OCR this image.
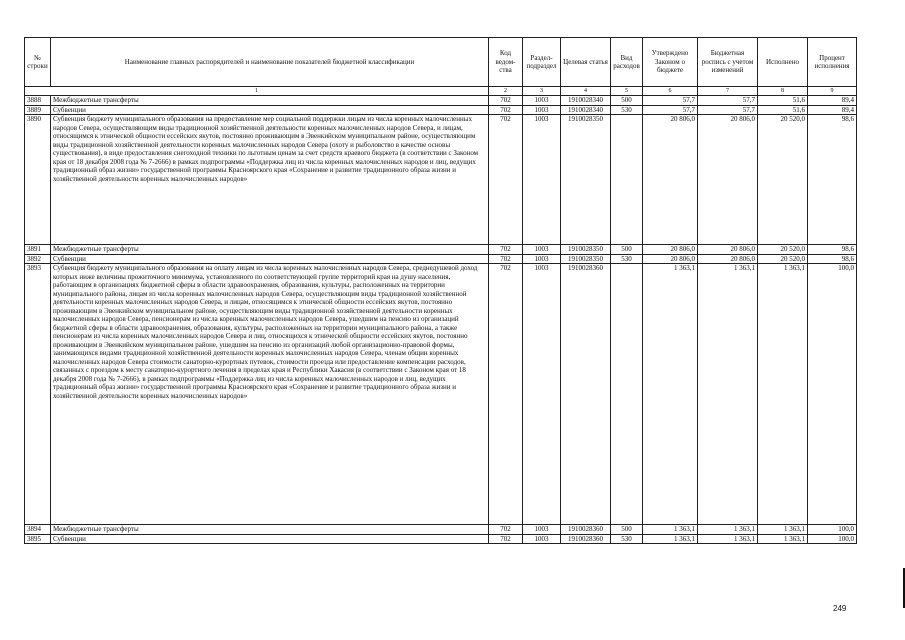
№ строки	Наименование главных распорядителей и наименование показателей бюджетной классификации	Код ведом-ства	Раздел-подраздел	Целевая статья	Вид расходов	Утверждено Законом о бюджете	Бюджетная роспись с учетом изменений	Исполнено	Процент исполнения
1		2	3	4	5	6	7	8	9
3888	Межбюджетные трансферты	702	1003	1910028340	500	57,7	57,7	51,6	89,4
3889	Субвенции	702	1003	1910028340	530	57,7	57,7	51,6	89,4
3890	Субвенция бюджету муниципального образования на предоставление мер социальной поддержки лицам из числа коренных малочисленных народов Севера, осуществляющим виды традиционной хозяйственной деятельности коренных малочисленных народов Севера, и лицам, относящимся к этнической общности ессейских якутов, постоянно проживающим в Эвенкийском муниципальном районе, осуществляющим виды традиционной хозяйственной деятельности коренных малочисленных народов Севера (охоту и рыболовство в качестве основы существования), в виде предоставления снегоходной техники по льготным ценам за счет средств краевого бюджета (в соответствии с Законом края от 18 декабря 2008 года № 7-2666) в рамках подпрограммы «Поддержка лиц из числа коренных малочисленных народов и лиц, ведущих традиционный образ жизни» государственной программы Красноярского края «Сохранение и развитие традиционного образа жизни и хозяйственной деятельности коренных малочисленных народов»	702	1003	1910028350		20 806,0	20 806,0	20 520,0	98,6
3891	Межбюджетные трансферты	702	1003	1910028350	500	20 806,0	20 806,0	20 520,0	98,6
3892	Субвенции	702	1003	1910028350	530	20 806,0	20 806,0	20 520,0	98,6
3893	Субвенция бюджету муниципального образования на оплату лицам из числа коренных малочисленных народов Севера, среднедушевой доход которых ниже величины прожиточного минимума, установленного по соответствующей группе территорий края на душу населения, работающим в организациях бюджетной сферы в области здравоохранения, образования, культуры, расположенных на территории муниципального района, лицам из числа коренных малочисленных народов Севера, осуществляющим виды традиционной хозяйственной деятельности коренных малочисленных народов Севера, и лицам, относящимся к этнической общности ессейских якутов, постоянно проживающим в Эвенкийском муниципальном районе, осуществляющим виды традиционной хозяйственной деятельности коренных малочисленных народов Севера, пенсионерам из числа коренных малочисленных народов Севера, ушедшим на пенсию из организаций бюджетной сферы в области здравоохранения, образования, культуры, расположенных на территории муниципального района, а также пенсионерам из числа коренных малочисленных народов Севера и лиц, относящихся к этнической общности ессейских якутов, постоянно проживающим в Эвенкийском муниципальном районе, ушедшим на пенсию из организаций любой организационно-правовой формы, занимающихся видами традиционной хозяйственной деятельности коренных малочисленных народов Севера, членам общин коренных малочисленных народов Севера стоимости санаторно-курортных путевок, стоимости проезда или предоставление компенсации расходов, связанных с проездом к месту санаторно-курортного лечения в пределах края и Республики Хакасия (в соответствии с Законом края от 18 декабря 2008 года № 7-2666), в рамках подпрограммы «Поддержка лиц из числа коренных малочисленных народов и лиц, ведущих традиционный образ жизни» государственной программы Красноярского края «Сохранение и развитие традиционного образа жизни и хозяйственной деятельности коренных малочисленных народов»	702	1003	1910028360		1 363,1	1 363,1	1 363,1	100,0
3894	Межбюджетные трансферты	702	1003	1910028360	500	1 363,1	1 363,1	1 363,1	100,0
3895	Субвенции	702	1003	1910028360	530	1 363,1	1 363,1	1 363,1	100,0
249
